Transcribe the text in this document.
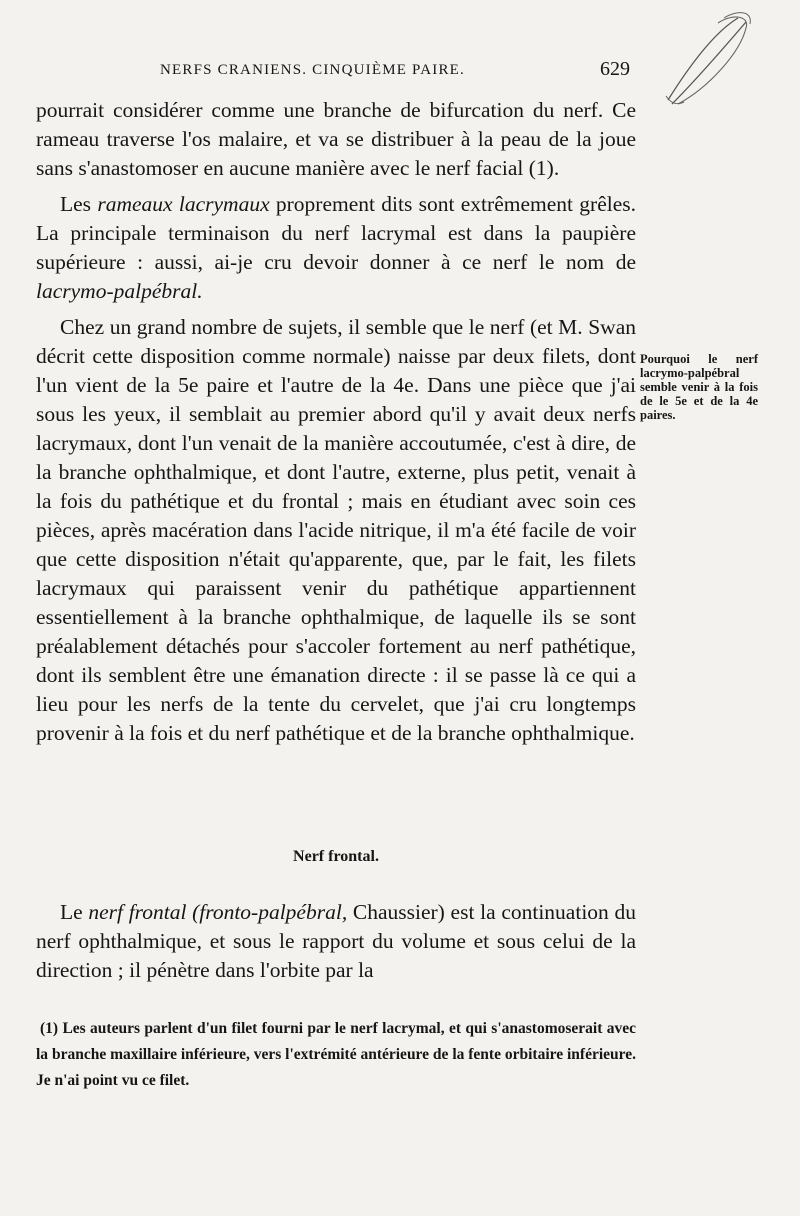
NERFS CRANIENS. CINQUIÈME PAIRE.	629

pourrait considérer comme une branche de bifurcation du nerf. Ce rameau traverse l'os malaire, et va se distribuer à la peau de la joue sans s'anastomoser en aucune manière avec le nerf facial (1).

Les rameaux lacrymaux proprement dits sont extrêmement grêles. La principale terminaison du nerf lacrymal est dans la paupière supérieure : aussi, ai-je cru devoir donner à ce nerf le nom de lacrymo-palpébral.

Chez un grand nombre de sujets, il semble que le nerf (et M. Swan décrit cette disposition comme normale) naisse par deux filets, dont l'un vient de la 5e paire et l'autre de la 4e. Dans une pièce que j'ai sous les yeux, il semblait au premier abord qu'il y avait deux nerfs lacrymaux, dont l'un venait de la manière accoutumée, c'est à dire, de la branche ophthalmique, et dont l'autre, externe, plus petit, venait à la fois du pathétique et du frontal ; mais en étudiant avec soin ces pièces, après macération dans l'acide nitrique, il m'a été facile de voir que cette disposition n'était qu'apparente, que, par le fait, les filets lacrymaux qui paraissent venir du pathétique appartiennent essentiellement à la branche ophthalmique, de laquelle ils se sont préalablement détachés pour s'accoler fortement au nerf pathétique, dont ils semblent être une émanation directe : il se passe là ce qui a lieu pour les nerfs de la tente du cervelet, que j'ai cru longtemps provenir à la fois et du nerf pathétique et de la branche ophthalmique.

Pourquoi le nerf lacrymo-palpébral semble venir à la fois de le 5e et de la 4e paires.
Nerf frontal.

Le nerf frontal (fronto-palpébral, Chaussier) est la continuation du nerf ophthalmique, et sous le rapport du volume et sous celui de la direction ; il pénètre dans l'orbite par la

(1) Les auteurs parlent d'un filet fourni par le nerf lacrymal, et qui s'anastomoserait avec la branche maxillaire inférieure, vers l'extrémité antérieure de la fente orbitaire inférieure. Je n'ai point vu ce filet.
